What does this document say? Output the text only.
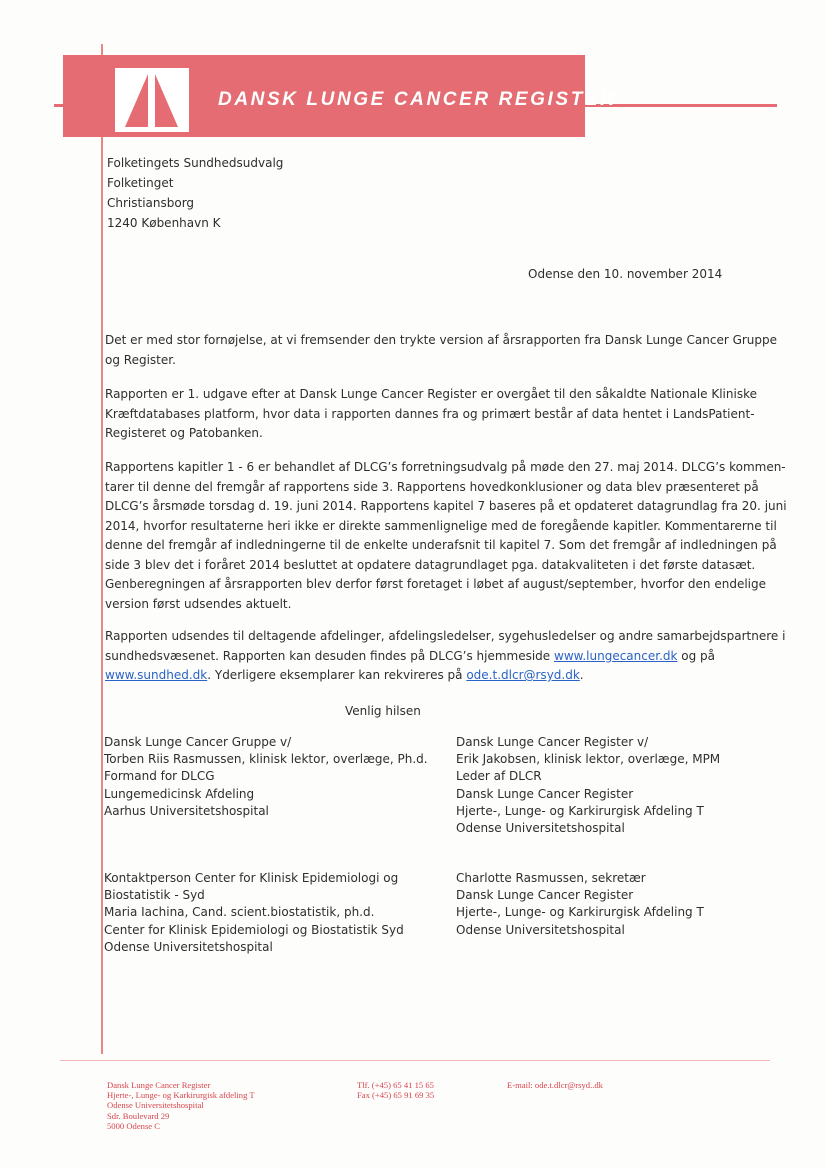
DANSK LUNGE CANCER REGISTER
Folketingets Sundhedsudvalg
Folketinget
Christiansborg
1240 København K
Odense den 10. november 2014
Det er med stor fornøjelse, at vi fremsender den trykte version af årsrapporten fra Dansk Lunge Cancer Gruppe
og Register.
Rapporten er 1. udgave efter at Dansk Lunge Cancer Register er overgået til den såkaldte Nationale Kliniske
Kræftdatabases platform, hvor data i rapporten dannes fra og primært består af data hentet i LandsPatient-
Registeret og Patobanken.
Rapportens kapitler 1 - 6 er behandlet af DLCG’s forretningsudvalg på møde den 27. maj 2014. DLCG’s kommen-
tarer til denne del fremgår af rapportens side 3. Rapportens hovedkonklusioner og data blev præsenteret på
DLCG’s årsmøde torsdag d. 19. juni 2014. Rapportens kapitel 7 baseres på et opdateret datagrundlag fra 20. juni
2014, hvorfor resultaterne heri ikke er direkte sammenlignelige med de foregående kapitler. Kommentarerne til
denne del fremgår af indledningerne til de enkelte underafsnit til kapitel 7. Som det fremgår af indledningen på
side 3 blev det i foråret 2014 besluttet at opdatere datagrundlaget pga. datakvaliteten i det første datasæt.
Genberegningen af årsrapporten blev derfor først foretaget i løbet af august/september, hvorfor den endelige
version først udsendes aktuelt.
Rapporten udsendes til deltagende afdelinger, afdelingsledelser, sygehusledelser og andre samarbejdspartnere i
sundhedsvæsenet. Rapporten kan desuden findes på DLCG’s hjemmeside www.lungecancer.dk og på
www.sundhed.dk. Yderligere eksemplarer kan rekvireres på ode.t.dlcr@rsyd.dk.
Venlig hilsen
Dansk Lunge Cancer Gruppe v/
Torben Riis Rasmussen, klinisk lektor, overlæge, Ph.d.
Formand for DLCG
Lungemedicinsk Afdeling
Aarhus Universitetshospital
Dansk Lunge Cancer Register v/
Erik Jakobsen, klinisk lektor, overlæge, MPM
Leder af DLCR
Dansk Lunge Cancer Register
Hjerte-, Lunge- og Karkirurgisk Afdeling T
Odense Universitetshospital
Kontaktperson Center for Klinisk Epidemiologi og
Biostatistik - Syd
Maria Iachina, Cand. scient.biostatistik, ph.d.
Center for Klinisk Epidemiologi og Biostatistik Syd
Odense Universitetshospital
Charlotte Rasmussen, sekretær
Dansk Lunge Cancer Register
Hjerte-, Lunge- og Karkirurgisk Afdeling T
Odense Universitetshospital
Dansk Lunge Cancer Register
Hjerte-, Lunge- og Karkirurgisk afdeling T
Odense Universitetshospital
Sdr. Boulevard 29
5000 Odense C
Tlf. (+45) 65 41 15 65
Fax (+45) 65 91 69 35
E-mail: ode.t.dlcr@rsyd..dk
